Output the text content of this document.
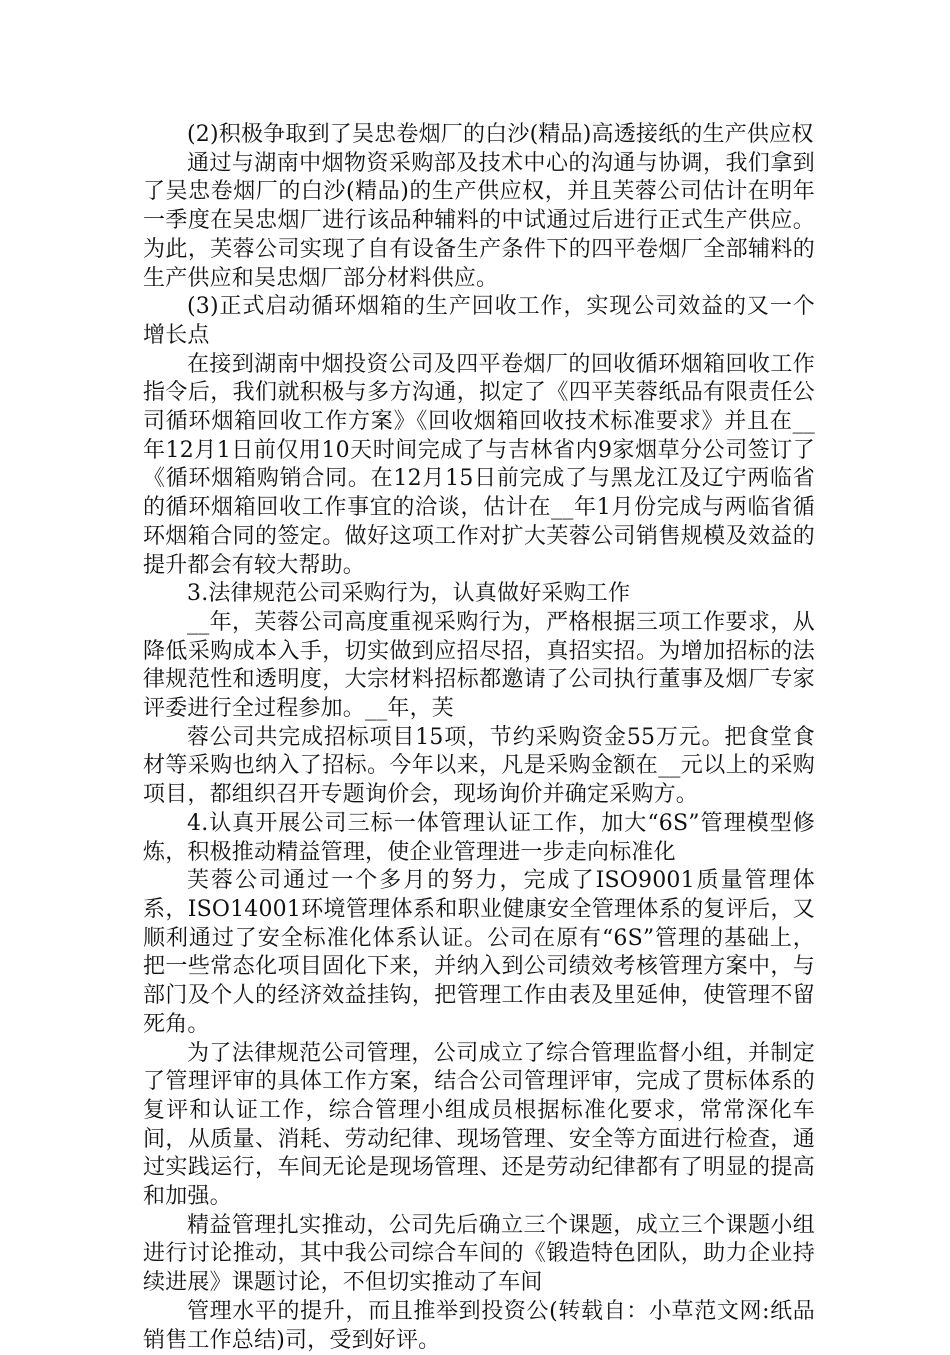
(2)积极争取到了吴忠卷烟厂的白沙(精品)高透接纸的生产供应权

通过与湖南中烟物资采购部及技术中心的沟通与协调，我们拿到了吴忠卷烟厂的白沙(精品)的生产供应权，并且芙蓉公司估计在明年一季度在吴忠烟厂进行该品种辅料的中试通过后进行正式生产供应。为此，芙蓉公司实现了自有设备生产条件下的四平卷烟厂全部辅料的生产供应和吴忠烟厂部分材料供应。

(3)正式启动循环烟箱的生产回收工作，实现公司效益的又一个增长点

在接到湖南中烟投资公司及四平卷烟厂的回收循环烟箱回收工作指令后，我们就积极与多方沟通，拟定了《四平芙蓉纸品有限责任公司循环烟箱回收工作方案》《回收烟箱回收技术标准要求》并且在__年12月1日前仅用10天时间完成了与吉林省内9家烟草分公司签订了《循环烟箱购销合同。在12月15日前完成了与黑龙江及辽宁两临省的循环烟箱回收工作事宜的洽谈，估计在__年1月份完成与两临省循环烟箱合同的签定。做好这项工作对扩大芙蓉公司销售规模及效益的提升都会有较大帮助。

3.法律规范公司采购行为，认真做好采购工作

__年，芙蓉公司高度重视采购行为，严格根据三项工作要求，从降低采购成本入手，切实做到应招尽招，真招实招。为增加招标的法律规范性和透明度，大宗材料招标都邀请了公司执行董事及烟厂专家评委进行全过程参加。__年，芙

蓉公司共完成招标项目15项，节约采购资金55万元。把食堂食材等采购也纳入了招标。今年以来，凡是采购金额在__元以上的采购项目，都组织召开专题询价会，现场询价并确定采购方。

4.认真开展公司三标一体管理认证工作，加大“6S”管理模型修炼，积极推动精益管理，使企业管理进一步走向标准化

芙蓉公司通过一个多月的努力，完成了ISO9001质量管理体系，ISO14001环境管理体系和职业健康安全管理体系的复评后，又顺利通过了安全标准化体系认证。公司在原有“6S”管理的基础上，把一些常态化项目固化下来，并纳入到公司绩效考核管理方案中，与部门及个人的经济效益挂钩，把管理工作由表及里延伸，使管理不留死角。

为了法律规范公司管理，公司成立了综合管理监督小组，并制定了管理评审的具体工作方案，结合公司管理评审，完成了贯标体系的复评和认证工作，综合管理小组成员根据标准化要求，常常深化车间，从质量、消耗、劳动纪律、现场管理、安全等方面进行检查，通过实践运行，车间无论是现场管理、还是劳动纪律都有了明显的提高和加强。

精益管理扎实推动，公司先后确立三个课题，成立三个课题小组进行讨论推动，其中我公司综合车间的《锻造特色团队，助力企业持续进展》课题讨论，不但切实推动了车间

管理水平的提升，而且推举到投资公(转载自：小草范文网:纸品销售工作总结)司，受到好评。
